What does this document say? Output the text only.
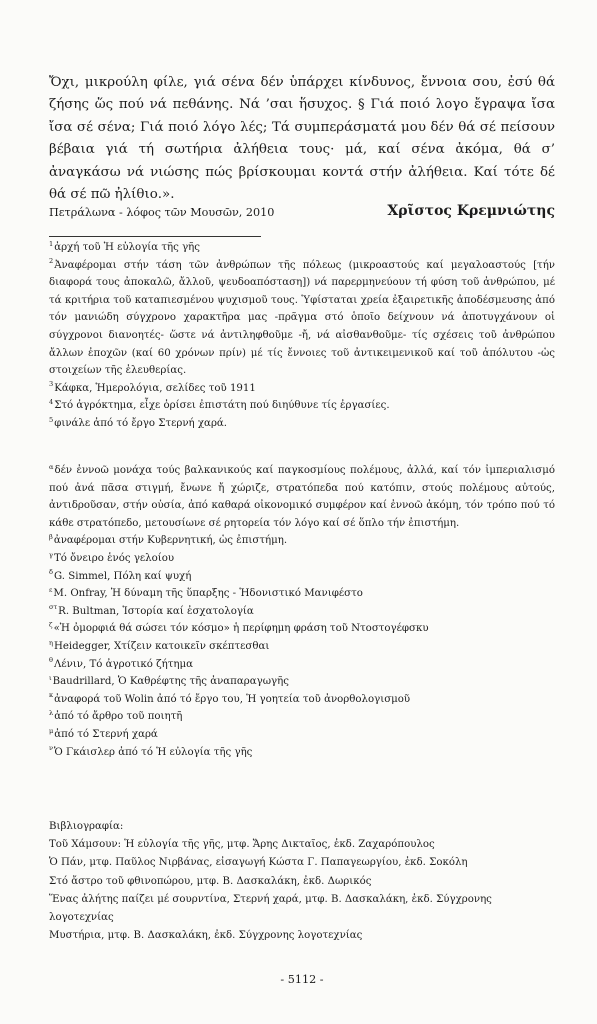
Ὄχι, μικρούλη φίλε, γιά σένα δέν ὑπάρχει κίνδυνος, ἔννοια σου, ἐσύ θά ζήσης ὥς πού νά πεθάνης. Νά ’σαι ἥσυχος. § Γιά ποιό λογο ἔγραψα ἴσα ἴσα σέ σένα; Γιά ποιό λόγο λές; Τά συμπεράσματά μου δέν θά σέ πείσουν βέβαια γιά τή σωτήρια ἀλήθεια τους· μά, καί σένα ἀκόμα, θά σ’ ἀναγκάσω νά νιώσης πώς βρίσκουμαι κοντά στήν ἀλήθεια. Καί τότε δέ θά σέ πῶ ἠλίθιο.».

Πετράλωνα - λόφος τῶν Μουσῶν, 2010	Χρῖστος Κρεμνιώτης
$^1$ἀρχή τοῦ Ἡ εὐλογία τῆς γῆς
$^2$Ἀναφέρομαι στήν τάση τῶν ἀνθρώπων τῆς πόλεως (μικροαστούς καί μεγαλοαστούς [τήν διαφορά τους ἀποκαλῶ, ἄλλοῦ, ψευδοαπόσταση]) νά παρερμηνεύουν τή φύση τοῦ ἀνθρώπου, μέ τά κριτήρια τοῦ καταπιεσμένου ψυχισμοῦ τους. Ὑφίσταται χρεία ἐξαιρετικῆς ἀποδέσμευσης ἀπό τόν μανιώδη σύγχρονο χαρακτῆρα μας -πρᾶγμα στό ὁποῖο δείχνουν νά ἀποτυγχάνουν οἱ σύγχρονοι διανοητές- ὥστε νά ἀντιληφθοῦμε -ἤ, νά αἰσθανθοῦμε- τίς σχέσεις τοῦ ἀνθρώπου ἄλλων ἐποχῶν (καί 60 χρόνων πρίν) μέ τίς ἔννοιες τοῦ ἀντικειμενικοῦ καί τοῦ ἀπόλυτου -ὡς στοιχείων τῆς ἐλευθερίας.
$^3$Κάφκα, Ἡμερολόγια, σελίδες τοῦ 1911
$^4$Στό ἀγρόκτημα, εἶχε ὁρίσει ἐπιστάτη πού διηύθυνε τίς ἐργασίες.
$^5$φινάλε ἀπό τό ἔργο Στερνή χαρά.
$^\alpha$δέν ἐννοῶ μονάχα τούς βαλκανικούς καί παγκοσμίους πολέμους, ἀλλά, καί τόν ἰμπεριαλισμό πού ἀνά πᾶσα στιγμή, ἔνωνε ἤ χώριζε, στρατόπεδα πού κατόπιν, στούς πολέμους αὐτούς, ἀντιδροῦσαν, στήν οὐσία, ἀπό καθαρά οἰκονομικό συμφέρον καί ἐννοῶ ἀκόμη, τόν τρόπο πού τό κάθε στρατόπεδο, μετουσίωνε σέ ρητορεία τόν λόγο καί σέ ὅπλο τήν ἐπιστήμη.
$^\beta$ἀναφέρομαι στήν Κυβερνητική, ὡς ἐπιστήμη.
$^\gamma$Τό ὄνειρο ἑνός γελοίου
$^\delta$G. Simmel, Πόλη καί ψυχή
$^\varepsilon$M. Onfray, Ἡ δύναμη τῆς ὕπαρξης - Ἡδονιστικό Μανιφέστο
$^{\sigma\tau}$R. Bultman, Ἱστορία καί ἐσχατολογία
$^\zeta$«Ἡ ὀμορφιά θά σώσει τόν κόσμο» ἡ περίφημη φράση τοῦ Ντοστογέφσκυ
$^\eta$Heidegger, Χτίζειν κατοικεῖν σκέπτεσθαι
$^\theta$Λένιν, Τό ἀγροτικό ζήτημα
$^\iota$Baudrillard, Ὁ Καθρέφτης τῆς ἀναπαραγωγῆς
$^\kappa$ἀναφορά τοῦ Wolin ἀπό τό ἔργο του, Ἡ γοητεία τοῦ ἀνορθολογισμοῦ
$^\lambda$ἀπό τό ἄρθρο τοῦ ποιητῆ
$^\mu$ἀπό τό Στερνή χαρά
$^\nu$Ὁ Γκάισλερ ἀπό τό Ἡ εὐλογία τῆς γῆς

Βιβλιογραφία:

Τοῦ Χάμσουν: Ἡ εὐλογία τῆς γῆς, μτφ. Ἄρης Δικταῖος, ἐκδ. Ζαχαρόπουλος
Ὁ Πάν, μτφ. Παῦλος Νιρβάνας, εἰσαγωγή Κώστα Γ. Παπαγεωργίου, ἐκδ. Σοκόλη
Στό ἄστρο τοῦ φθινοπώρου, μτφ. Β. Δασκαλάκη, ἐκδ. Δωρικός
Ἕνας ἀλήτης παίζει μέ σουρντίνα, Στερνή χαρά, μτφ. Β. Δασκαλάκη, ἐκδ. Σύγχρονης λογοτεχνίας
Μυστήρια, μτφ. Β. Δασκαλάκη, ἐκδ. Σύγχρονης λογοτεχνίας
- 5112 -
